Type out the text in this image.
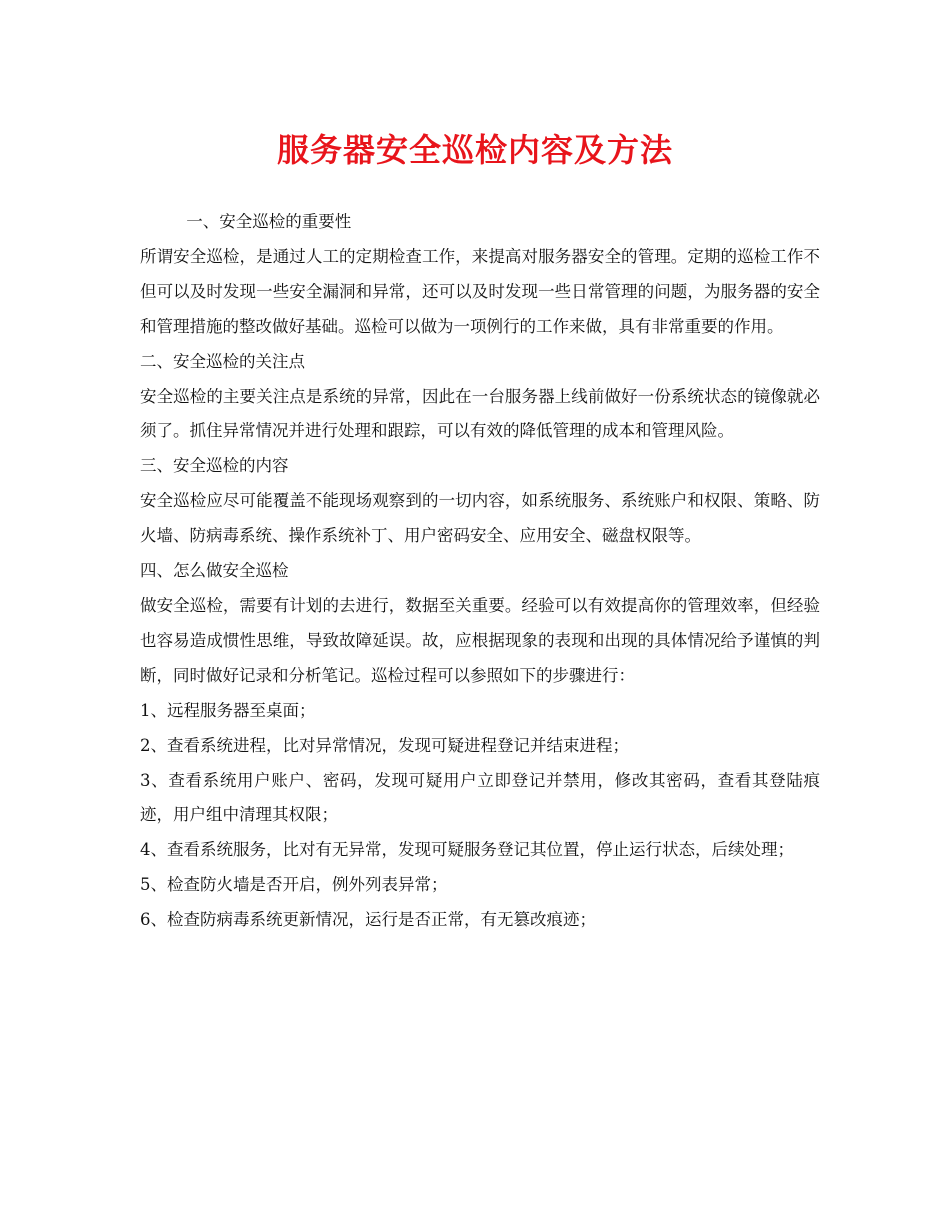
服务器安全巡检内容及方法

一、安全巡检的重要性

所谓安全巡检，是通过人工的定期检查工作，来提高对服务器安全的管理。定期的巡检工作不但可以及时发现一些安全漏洞和异常，还可以及时发现一些日常管理的问题，为服务器的安全和管理措施的整改做好基础。巡检可以做为一项例行的工作来做，具有非常重要的作用。

二、安全巡检的关注点

安全巡检的主要关注点是系统的异常，因此在一台服务器上线前做好一份系统状态的镜像就必须了。抓住异常情况并进行处理和跟踪，可以有效的降低管理的成本和管理风险。

三、安全巡检的内容

安全巡检应尽可能覆盖不能现场观察到的一切内容，如系统服务、系统账户和权限、策略、防火墙、防病毒系统、操作系统补丁、用户密码安全、应用安全、磁盘权限等。

四、怎么做安全巡检

做安全巡检，需要有计划的去进行，数据至关重要。经验可以有效提高你的管理效率，但经验也容易造成惯性思维，导致故障延误。故，应根据现象的表现和出现的具体情况给予谨慎的判断，同时做好记录和分析笔记。巡检过程可以参照如下的步骤进行：

1、远程服务器至桌面；

2、查看系统进程，比对异常情况，发现可疑进程登记并结束进程；

3、查看系统用户账户、密码，发现可疑用户立即登记并禁用，修改其密码，查看其登陆痕迹，用户组中清理其权限；

4、查看系统服务，比对有无异常，发现可疑服务登记其位置，停止运行状态，后续处理；

5、检查防火墙是否开启，例外列表异常；

6、检查防病毒系统更新情况，运行是否正常，有无篡改痕迹；
